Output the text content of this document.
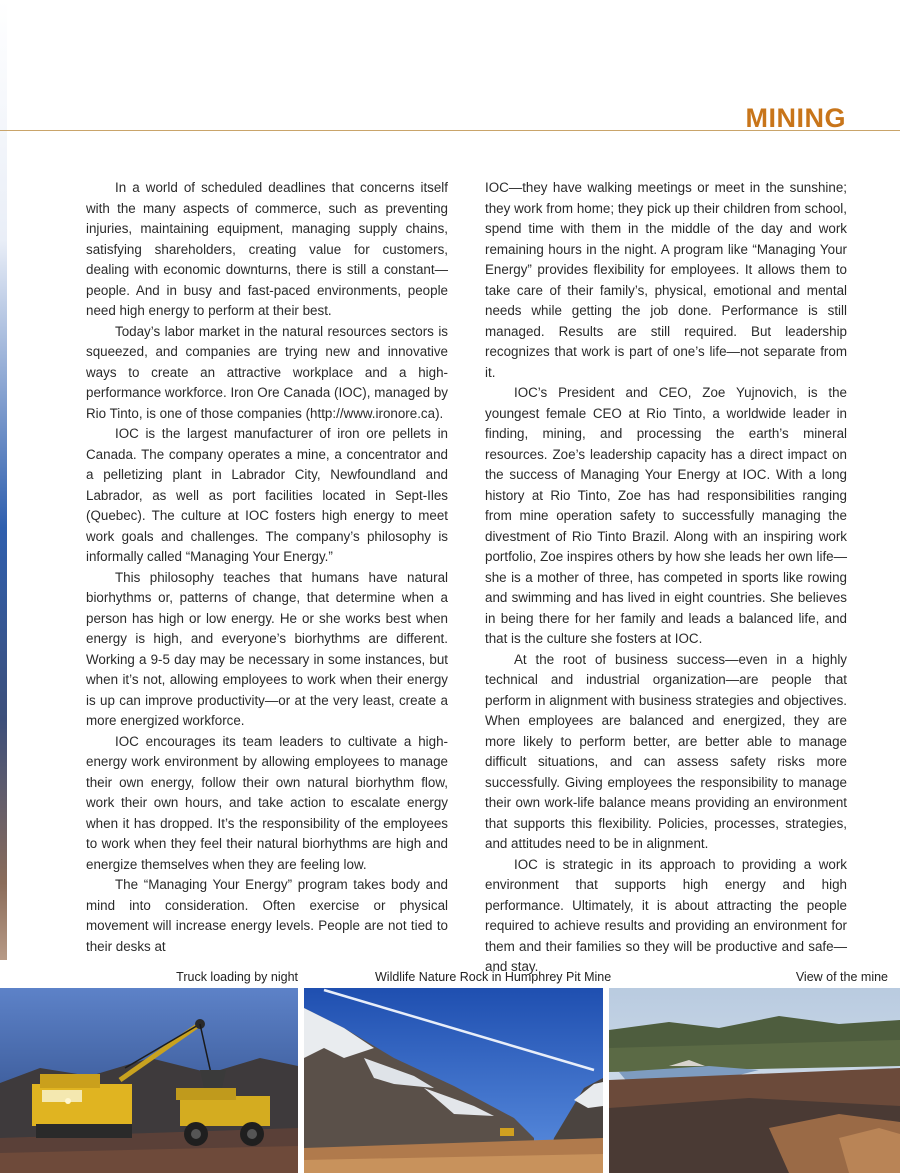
MINING

In a world of scheduled deadlines that concerns itself with the many aspects of commerce, such as preventing injuries, maintaining equipment, managing supply chains, satisfying shareholders, creating value for customers, dealing with economic downturns, there is still a constant—people. And in busy and fast-paced environments, people need high energy to perform at their best.

Today’s labor market in the natural resources sectors is squeezed, and companies are trying new and innovative ways to create an attractive workplace and a high-performance workforce. Iron Ore Canada (IOC), managed by Rio Tinto, is one of those companies (http://www.ironore.ca).

IOC is the largest manufacturer of iron ore pellets in Canada. The company operates a mine, a concentrator and a pelletizing plant in Labrador City, Newfoundland and Labrador, as well as port facilities located in Sept-Iles (Quebec). The culture at IOC fosters high energy to meet work goals and challenges. The company’s philosophy is informally called “Managing Your Energy.”

This philosophy teaches that humans have natural biorhythms or, patterns of change, that determine when a person has high or low energy. He or she works best when energy is high, and everyone’s biorhythms are different. Working a 9-5 day may be necessary in some instances, but when it’s not, allowing employees to work when their energy is up can improve productivity—or at the very least, create a more energized workforce.

IOC encourages its team leaders to cultivate a high-energy work environment by allowing employees to manage their own energy, follow their own natural biorhythm flow, work their own hours, and take action to escalate energy when it has dropped. It’s the responsibility of the employees to work when they feel their natural biorhythms are high and energize themselves when they are feeling low.

The “Managing Your Energy” program takes body and mind into consideration. Often exercise or physical movement will increase energy levels. People are not tied to their desks at

IOC—they have walking meetings or meet in the sunshine; they work from home; they pick up their children from school, spend time with them in the middle of the day and work remaining hours in the night. A program like “Managing Your Energy” provides flexibility for employees. It allows them to take care of their family’s, physical, emotional and mental needs while getting the job done. Performance is still managed. Results are still required. But leadership recognizes that work is part of one’s life—not separate from it.

IOC’s President and CEO, Zoe Yujnovich, is the youngest female CEO at Rio Tinto, a worldwide leader in finding, mining, and processing the earth’s mineral resources. Zoe’s leadership capacity has a direct impact on the success of Managing Your Energy at IOC. With a long history at Rio Tinto, Zoe has had responsibilities ranging from mine operation safety to successfully managing the divestment of Rio Tinto Brazil. Along with an inspiring work portfolio, Zoe inspires others by how she leads her own life—she is a mother of three, has competed in sports like rowing and swimming and has lived in eight countries. She believes in being there for her family and leads a balanced life, and that is the culture she fosters at IOC.

At the root of business success—even in a highly technical and industrial organization—are people that perform in alignment with business strategies and objectives. When employees are balanced and energized, they are more likely to perform better, are better able to manage difficult situations, and can assess safety risks more successfully. Giving employees the responsibility to manage their own work-life balance means providing an environment that supports this flexibility. Policies, processes, strategies, and attitudes need to be in alignment.

IOC is strategic in its approach to providing a work environment that supports high energy and high performance. Ultimately, it is about attracting the people required to achieve results and providing an environment for them and their families so they will be productive and safe—and stay.

Truck loading by night	Wildlife Nature Rock in Humphrey Pit Mine	View of the mine
